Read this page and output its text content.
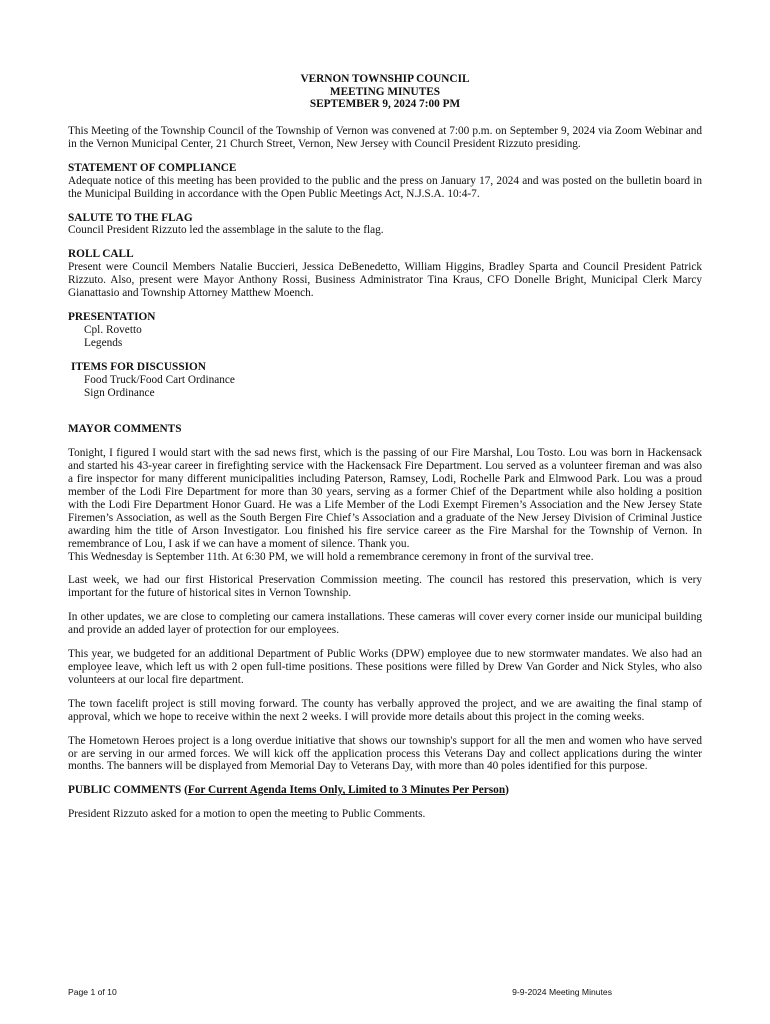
VERNON TOWNSHIP COUNCIL
MEETING MINUTES
SEPTEMBER 9, 2024 7:00 PM

This Meeting of the Township Council of the Township of Vernon was convened at 7:00 p.m. on September 9, 2024 via Zoom Webinar and in the Vernon Municipal Center, 21 Church Street, Vernon, New Jersey with Council President Rizzuto presiding.

STATEMENT OF COMPLIANCE

Adequate notice of this meeting has been provided to the public and the press on January 17, 2024 and was posted on the bulletin board in the Municipal Building in accordance with the Open Public Meetings Act, N.J.S.A. 10:4-7.

SALUTE TO THE FLAG

Council President Rizzuto led the assemblage in the salute to the flag.

ROLL CALL

Present were Council Members Natalie Buccieri, Jessica DeBenedetto, William Higgins, Bradley Sparta and Council President Patrick Rizzuto. Also, present were Mayor Anthony Rossi, Business Administrator Tina Kraus, CFO Donelle Bright, Municipal Clerk Marcy Gianattasio and Township Attorney Matthew Moench.

PRESENTATION
Cpl. Rovetto
Legends
ITEMS FOR DISCUSSION
Food Truck/Food Cart Ordinance
Sign Ordinance
MAYOR COMMENTS

Tonight, I figured I would start with the sad news first, which is the passing of our Fire Marshal, Lou Tosto. Lou was born in Hackensack and started his 43-year career in firefighting service with the Hackensack Fire Department. Lou served as a volunteer fireman and was also a fire inspector for many different municipalities including Paterson, Ramsey, Lodi, Rochelle Park and Elmwood Park. Lou was a proud member of the Lodi Fire Department for more than 30 years, serving as a former Chief of the Department while also holding a position with the Lodi Fire Department Honor Guard. He was a Life Member of the Lodi Exempt Firemen’s Association and the New Jersey State Firemen’s Association, as well as the South Bergen Fire Chief’s Association and a graduate of the New Jersey Division of Criminal Justice awarding him the title of Arson Investigator. Lou finished his fire service career as the Fire Marshal for the Township of Vernon. In remembrance of Lou, I ask if we can have a moment of silence. Thank you.

This Wednesday is September 11th. At 6:30 PM, we will hold a remembrance ceremony in front of the survival tree.

Last week, we had our first Historical Preservation Commission meeting. The council has restored this preservation, which is very important for the future of historical sites in Vernon Township.

In other updates, we are close to completing our camera installations. These cameras will cover every corner inside our municipal building and provide an added layer of protection for our employees.

This year, we budgeted for an additional Department of Public Works (DPW) employee due to new stormwater mandates. We also had an employee leave, which left us with 2 open full-time positions. These positions were filled by Drew Van Gorder and Nick Styles, who also volunteers at our local fire department.

The town facelift project is still moving forward. The county has verbally approved the project, and we are awaiting the final stamp of approval, which we hope to receive within the next 2 weeks. I will provide more details about this project in the coming weeks.

The Hometown Heroes project is a long overdue initiative that shows our township's support for all the men and women who have served or are serving in our armed forces. We will kick off the application process this Veterans Day and collect applications during the winter months. The banners will be displayed from Memorial Day to Veterans Day, with more than 40 poles identified for this purpose.

PUBLIC COMMENTS (For Current Agenda Items Only, Limited to 3 Minutes Per Person)

President Rizzuto asked for a motion to open the meeting to Public Comments.

Page 1 of 10	9-9-2024 Meeting Minutes
